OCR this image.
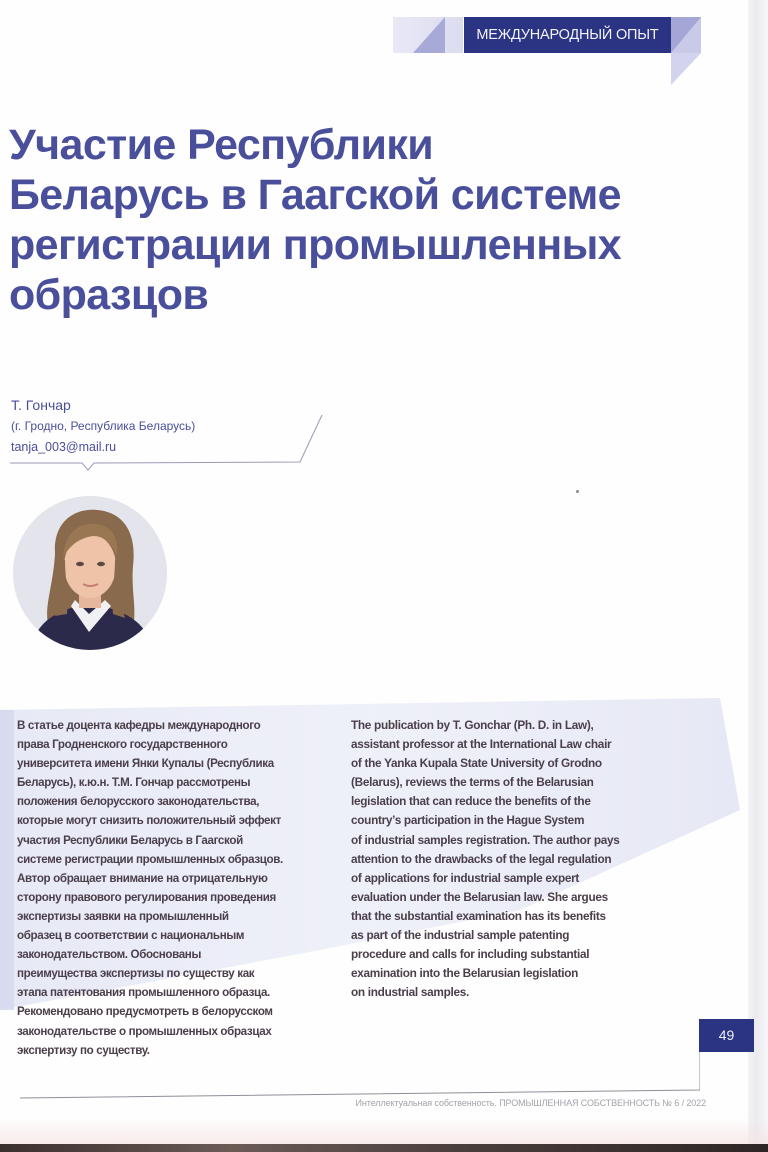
МЕЖДУНАРОДНЫЙ ОПЫТ
Участие Республики
Беларусь в Гаагской системе
регистрации промышленных
образцов
Т. Гончар
(г. Гродно, Республика Беларусь)
tanja_003@mail.ru
В статье доцента кафедры международного
права Гродненского государственного
университета имени Янки Купалы (Республика
Беларусь), к.ю.н. Т.М. Гончар рассмотрены
положения белорусского законодательства,
которые могут снизить положительный эффект
участия Республики Беларусь в Гаагской
системе регистрации промышленных образцов.
Автор обращает внимание на отрицательную
сторону правового регулирования проведения
экспертизы заявки на промышленный
образец в соответствии с национальным
законодательством. Обоснованы
преимущества экспертизы по существу как
этапа патентования промышленного образца.
Рекомендовано предусмотреть в белорусском
законодательстве о промышленных образцах
экспертизу по существу.
The publication by T. Gonchar (Ph. D. in Law),
assistant professor at the International Law chair
of the Yanka Kupala State University of Grodno
(Belarus), reviews the terms of the Belarusian
legislation that can reduce the benefits of the
country’s participation in the Hague System
of industrial samples registration. The author pays
attention to the drawbacks of the legal regulation
of applications for industrial sample expert
evaluation under the Belarusian law. She argues
that the substantial examination has its benefits
as part of the industrial sample patenting
procedure and calls for including substantial
examination into the Belarusian legislation
on industrial samples.
49
Интеллектуальная собственность. ПРОМЫШЛЕННАЯ СОБСТВЕННОСТЬ № 6 / 2022
